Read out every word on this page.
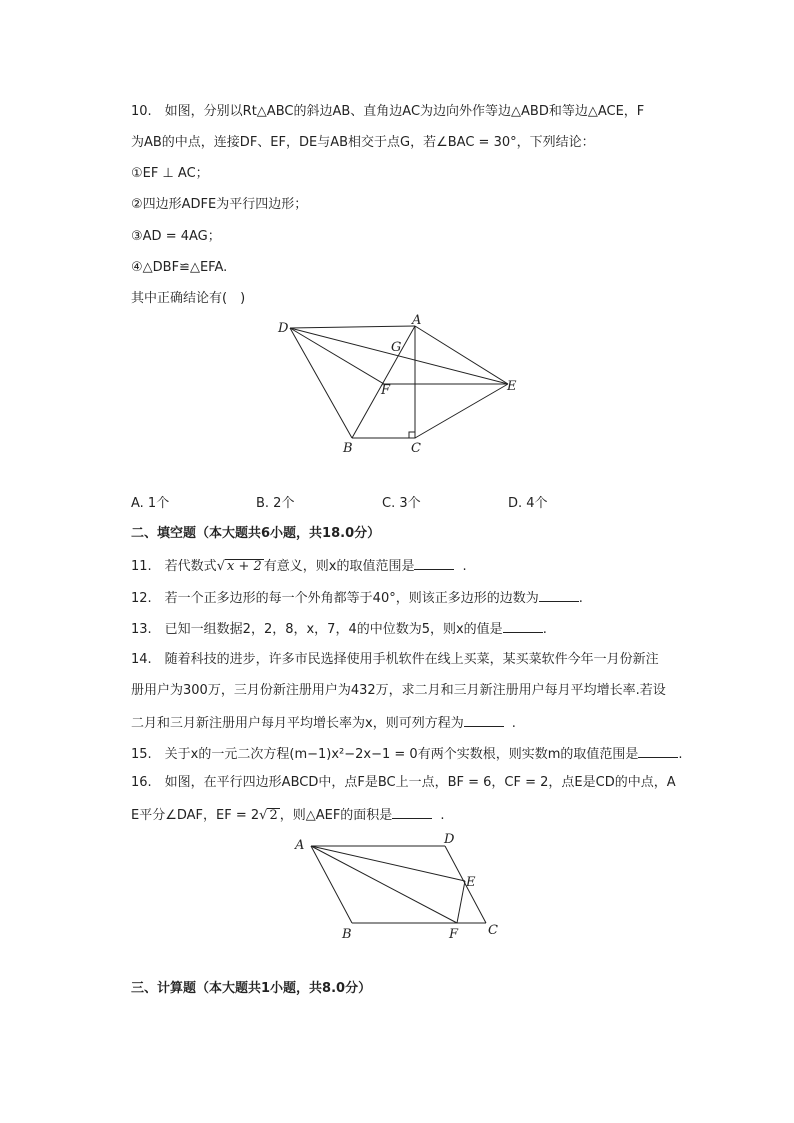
10.　如图，分别以Rt△ABC的斜边AB、直角边AC为边向外作等边△ABD和等边△ACE，F
为AB的中点，连接DF、EF，DE与AB相交于点G，若∠BAC = 30°，下列结论：
①EF ⊥ AC；
②四边形ADFE为平行四边形；
③AD = 4AG；
④△DBF≌△EFA.
其中正确结论有(　)
D
A
G
F	E
B	C
A. 1个	B. 2个	C. 3个	D. 4个
二、填空题（本大题共6小题，共18.0分）
11.　若代数式√ x + 2 有意义，则x的取值范围是	.
12.　若一个正多边形的每一个外角都等于40°，则该正多边形的边数为	.
13.　已知一组数据2，2，8，x，7，4的中位数为5，则x的值是	.
14.　随着科技的进步，许多市民选择使用手机软件在线上买菜，某买菜软件今年一月份新注
册用户为300万，三月份新注册用户为432万，求二月和三月新注册用户每月平均增长率.若设
二月和三月新注册用户每月平均增长率为x，则可列方程为	.
15.　关于x的一元二次方程(m−1)x²−2x−1 = 0有两个实数根，则实数m的取值范围是	.
16.　如图，在平行四边形ABCD中，点F是BC上一点，BF = 6，CF = 2，点E是CD的中点，A
E平分∠DAF，EF = 2√ 2 ，则△AEF的面积是	.
A	D
E
B	F C
三、计算题（本大题共1小题，共8.0分）
